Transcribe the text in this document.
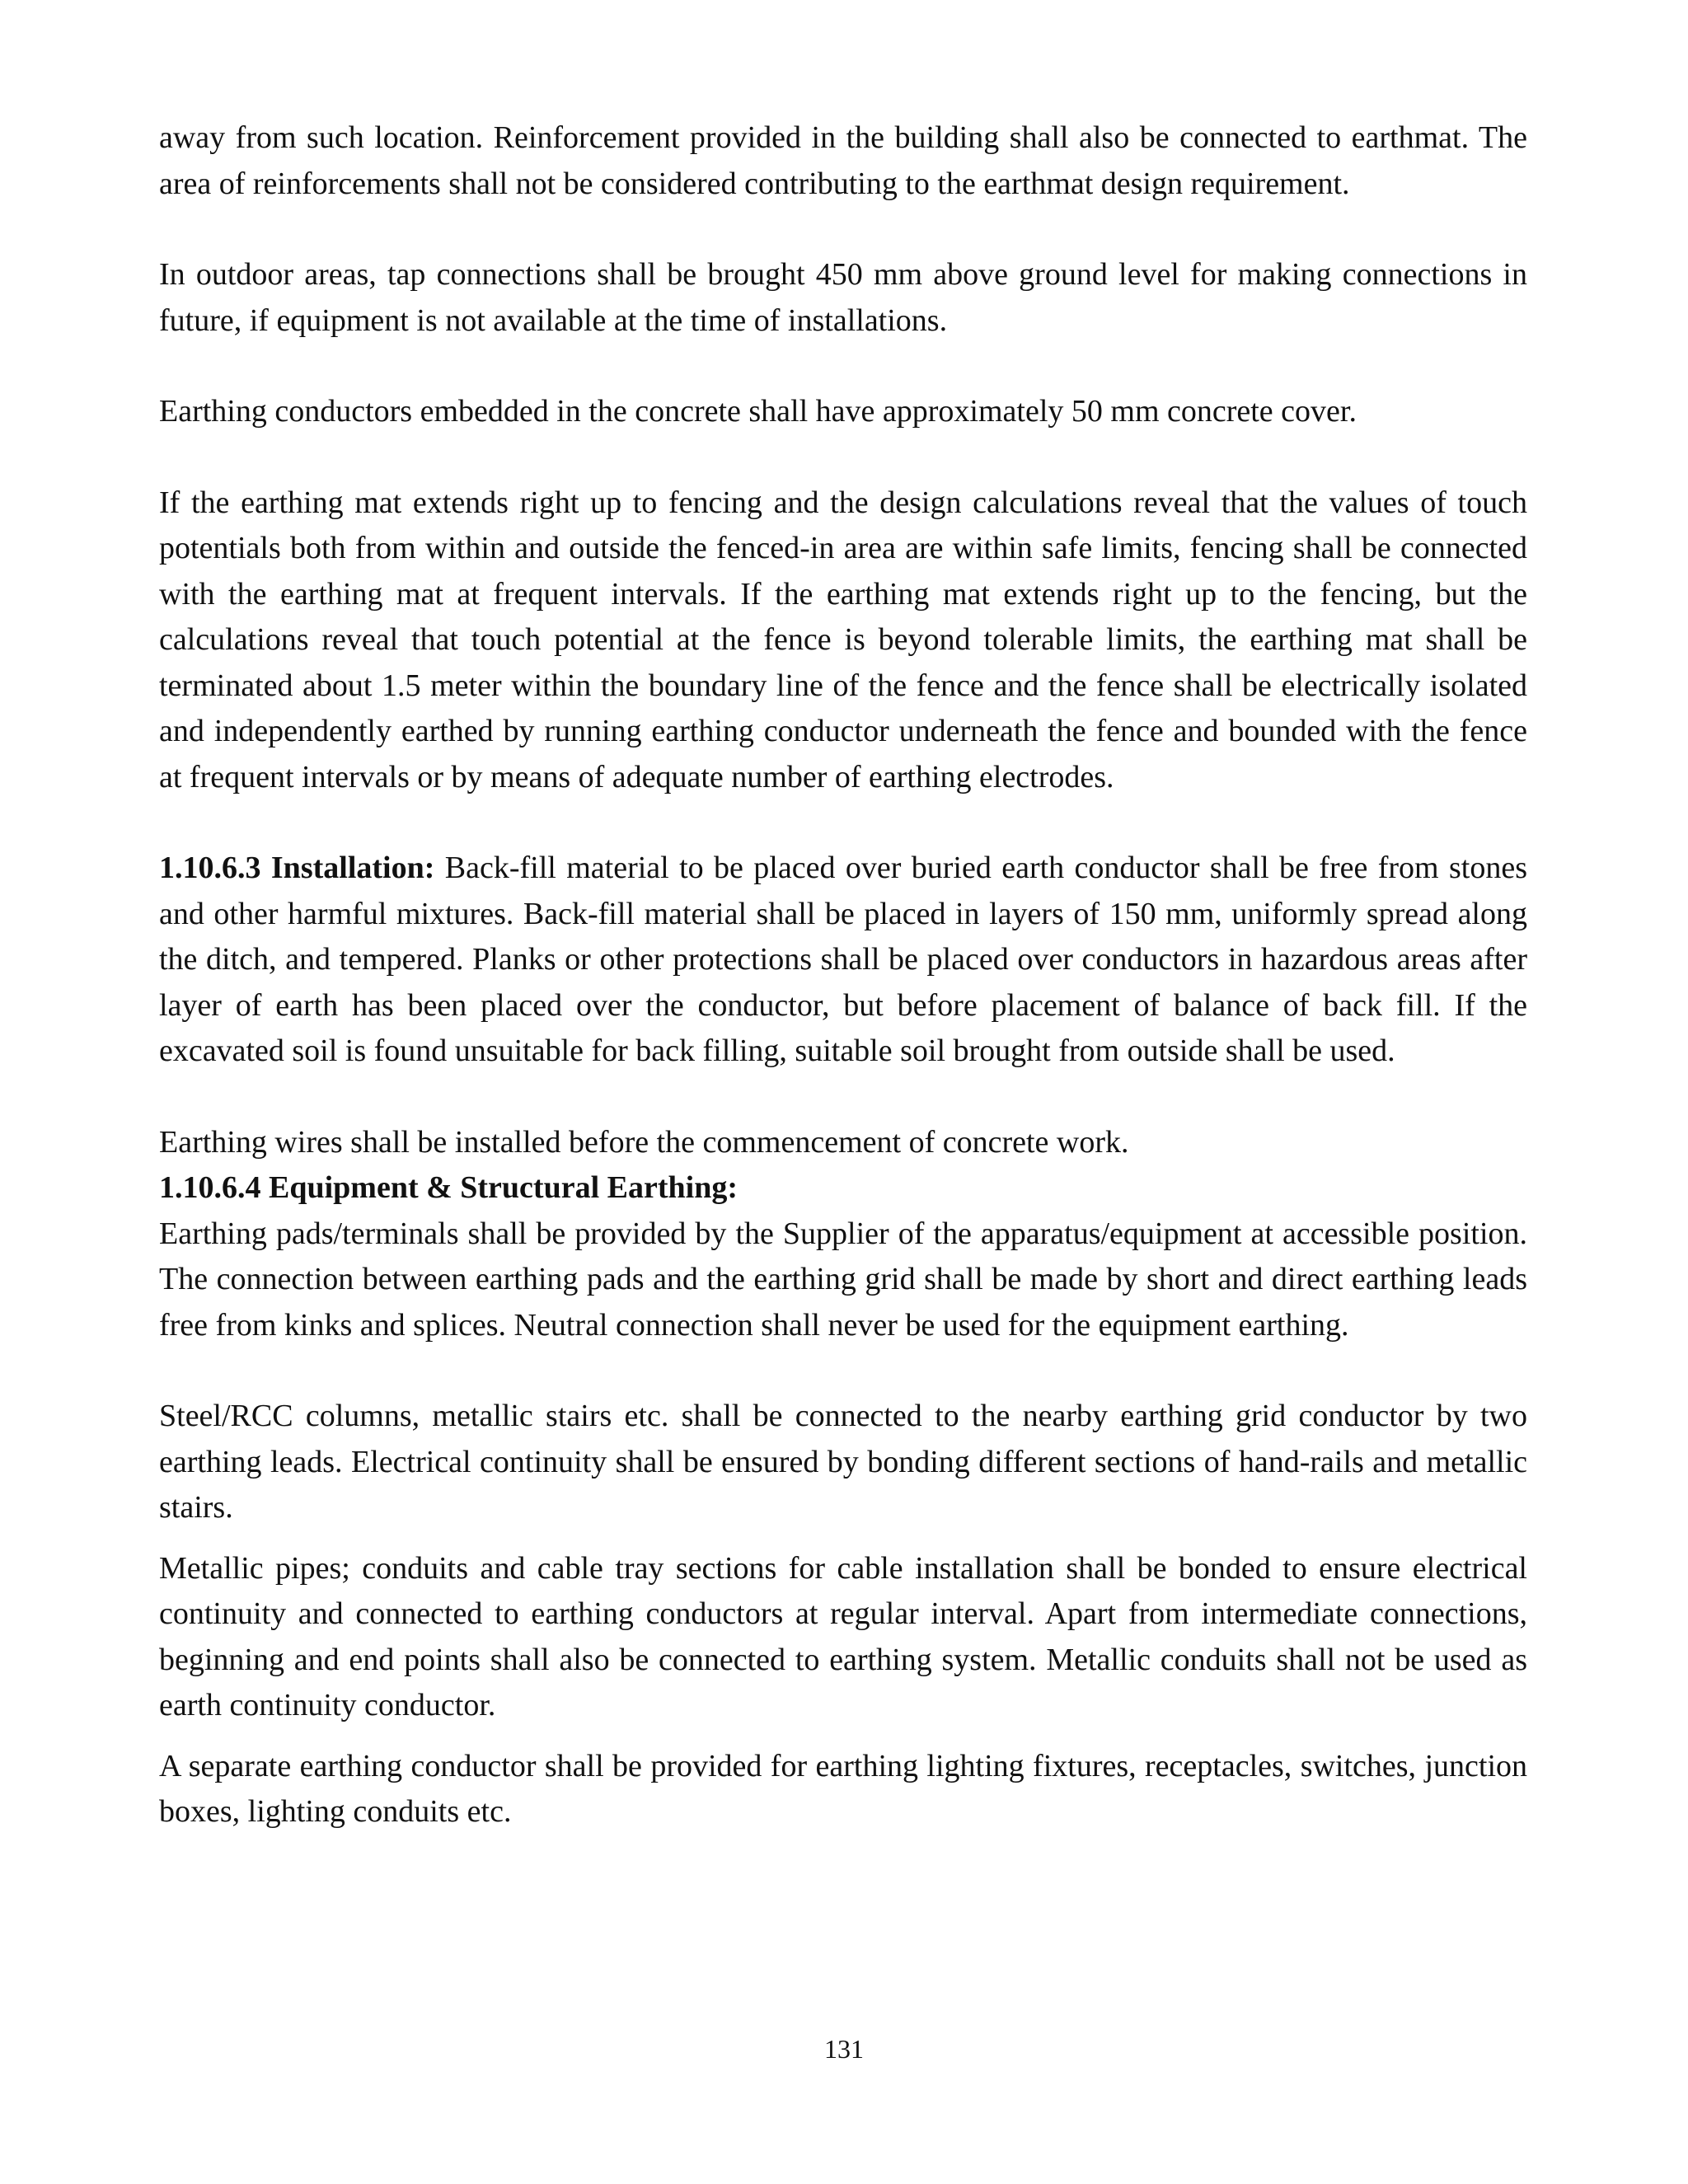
away from such location. Reinforcement provided in the building shall also be connected to earthmat. The area of reinforcements shall not be considered contributing to the earthmat design requirement.

In outdoor areas, tap connections shall be brought 450 mm above ground level for making connections in future, if equipment is not available at the time of installations.

Earthing conductors embedded in the concrete shall have approximately 50 mm concrete cover.

If the earthing mat extends right up to fencing and the design calculations reveal that the values of touch potentials both from within and outside the fenced-in area are within safe limits, fencing shall be connected with the earthing mat at frequent intervals. If the earthing mat extends right up to the fencing, but the calculations reveal that touch potential at the fence is beyond tolerable limits, the earthing mat shall be terminated about 1.5 meter within the boundary line of the fence and the fence shall be electrically isolated and independently earthed by running earthing conductor underneath the fence and bounded with the fence at frequent intervals or by means of adequate number of earthing electrodes.

1.10.6.3 Installation: Back-fill material to be placed over buried earth conductor shall be free from stones and other harmful mixtures. Back-fill material shall be placed in layers of 150 mm, uniformly spread along the ditch, and tempered. Planks or other protections shall be placed over conductors in hazardous areas after layer of earth has been placed over the conductor, but before placement of balance of back fill. If the excavated soil is found unsuitable for back filling, suitable soil brought from outside shall be used.

Earthing wires shall be installed before the commencement of concrete work.

1.10.6.4 Equipment & Structural Earthing:

Earthing pads/terminals shall be provided by the Supplier of the apparatus/equipment at accessible position. The connection between earthing pads and the earthing grid shall be made by short and direct earthing leads free from kinks and splices. Neutral connection shall never be used for the equipment earthing.

Steel/RCC columns, metallic stairs etc. shall be connected to the nearby earthing grid conductor by two earthing leads. Electrical continuity shall be ensured by bonding different sections of hand-rails and metallic stairs.

Metallic pipes; conduits and cable tray sections for cable installation shall be bonded to ensure electrical continuity and connected to earthing conductors at regular interval. Apart from intermediate connections, beginning and end points shall also be connected to earthing system. Metallic conduits shall not be used as earth continuity conductor.

A separate earthing conductor shall be provided for earthing lighting fixtures, receptacles, switches, junction boxes, lighting conduits etc.

131
